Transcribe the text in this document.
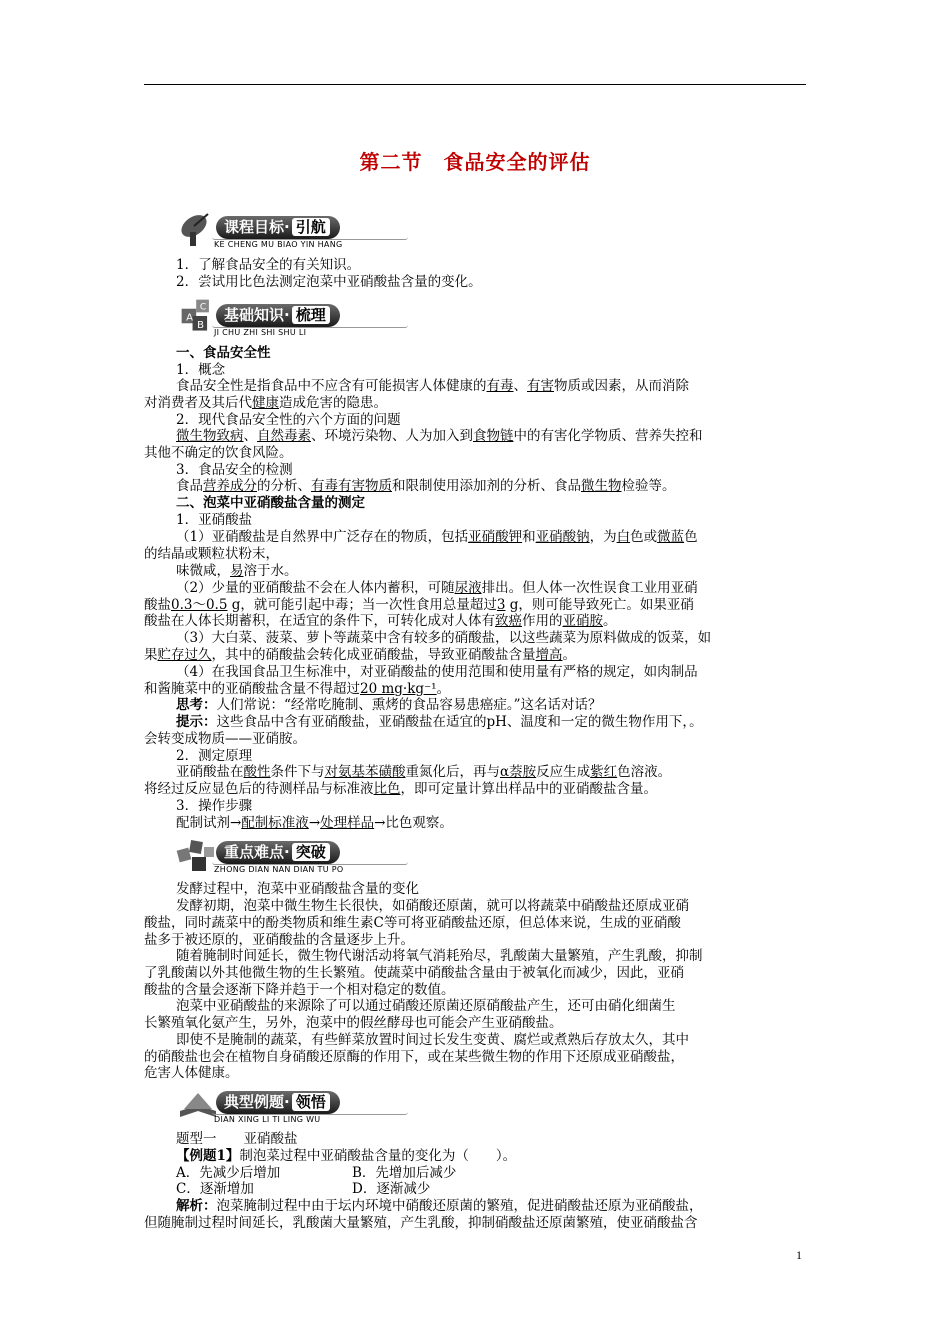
第二节　食品安全的评估
课程目标· 引航
KE CHENG MU BIAO YIN HANG
1．了解食品安全的有关知识。
2．尝试用比色法测定泡菜中亚硝酸盐含量的变化。
A
B
C	基础知识· 梳理
JI CHU ZHI SHI SHU LI
一、食品安全性
1．概念
食品安全性是指食品中不应含有可能损害人体健康的有毒、有害物质或因素，从而消除
对消费者及其后代健康造成危害的隐患。
2．现代食品安全性的六个方面的问题
微生物致病、自然毒素、环境污染物、人为加入到食物链中的有害化学物质、营养失控和
其他不确定的饮食风险。
3．食品安全的检测
食品营养成分的分析、有毒有害物质和限制使用添加剂的分析、食品微生物检验等。
二、泡菜中亚硝酸盐含量的测定
1．亚硝酸盐
（1）亚硝酸盐是自然界中广泛存在的物质，包括亚硝酸钾和亚硝酸钠，为白色或微蓝色
的结晶或颗粒状粉末，
味微咸，易溶于水。
（2）少量的亚硝酸盐不会在人体内蓄积，可随尿液排出。但人体一次性误食工业用亚硝
酸盐0.3～0.5 g，就可能引起中毒；当一次性食用总量超过3 g，则可能导致死亡。如果亚硝
酸盐在人体长期蓄积，在适宜的条件下，可转化成对人体有致癌作用的亚硝胺。
（3）大白菜、菠菜、萝卜等蔬菜中含有较多的硝酸盐，以这些蔬菜为原料做成的饭菜，如
果贮存过久，其中的硝酸盐会转化成亚硝酸盐，导致亚硝酸盐含量增高。
（4）在我国食品卫生标准中，对亚硝酸盐的使用范围和使用量有严格的规定，如肉制品
和酱腌菜中的亚硝酸盐含量不得超过20 mg·kg⁻¹。
思考：人们常说：“经常吃腌制、熏烤的食品容易患癌症。”这名话对话？
提示：这些食品中含有亚硝酸盐，亚硝酸盐在适宜的pH、温度和一定的微生物作用下，。
会转变成物质——亚硝胺。
2．测定原理
亚硝酸盐在酸性条件下与对氨基苯磺酸重氮化后，再与α萘胺反应生成紫红色溶液。
将经过反应显色后的待测样品与标准液比色，即可定量计算出样品中的亚硝酸盐含量。
3．操作步骤
配制试剂→配制标准液→处理样品→比色观察。
重点难点· 突破
ZHONG DIAN NAN DIAN TU PO
发酵过程中，泡菜中亚硝酸盐含量的变化
发酵初期，泡菜中微生物生长很快，如硝酸还原菌，就可以将蔬菜中硝酸盐还原成亚硝
酸盐，同时蔬菜中的酚类物质和维生素C等可将亚硝酸盐还原，但总体来说，生成的亚硝酸
盐多于被还原的，亚硝酸盐的含量逐步上升。
随着腌制时间延长，微生物代谢活动将氧气消耗殆尽，乳酸菌大量繁殖，产生乳酸，抑制
了乳酸菌以外其他微生物的生长繁殖。使蔬菜中硝酸盐含量由于被氧化而减少，因此，亚硝
酸盐的含量会逐渐下降并趋于一个相对稳定的数值。
泡菜中亚硝酸盐的来源除了可以通过硝酸还原菌还原硝酸盐产生，还可由硝化细菌生
长繁殖氧化氨产生，另外，泡菜中的假丝酵母也可能会产生亚硝酸盐。
即使不是腌制的蔬菜，有些鲜菜放置时间过长发生变黄、腐烂或煮熟后存放太久，其中
的硝酸盐也会在植物自身硝酸还原酶的作用下，或在某些微生物的作用下还原成亚硝酸盐，
危害人体健康。
典型例题· 领悟
DIAN XING LI TI LING WU
题型一　　亚硝酸盐
【例题1】制泡菜过程中亚硝酸盐含量的变化为（　　）。
A．先减少后增加	B．先增加后减少
C．逐渐增加	D．逐渐减少
解析：泡菜腌制过程中由于坛内环境中硝酸还原菌的繁殖，促进硝酸盐还原为亚硝酸盐，
但随腌制过程时间延长，乳酸菌大量繁殖，产生乳酸，抑制硝酸盐还原菌繁殖，使亚硝酸盐含
1
